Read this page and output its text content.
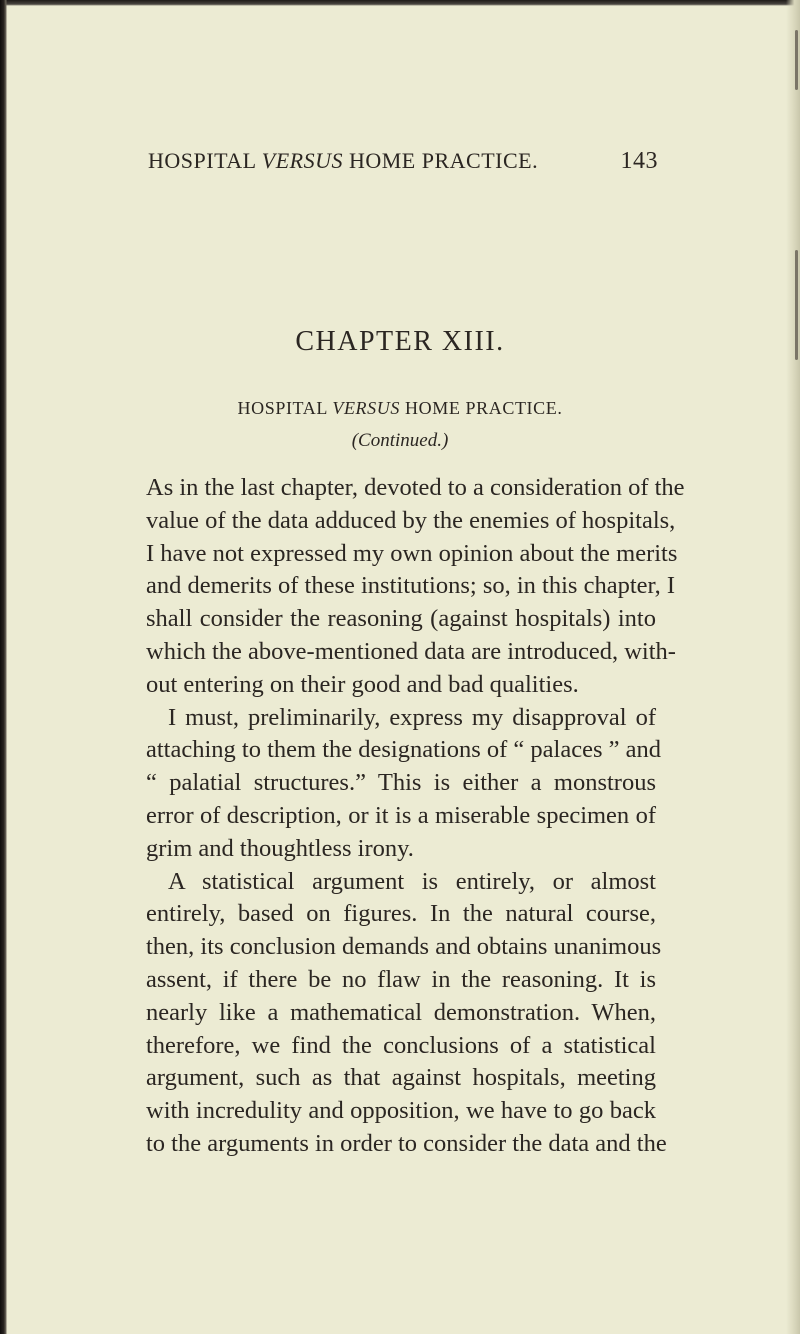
HOSPITAL VERSUS HOME PRACTICE.	143
CHAPTER XIII.
HOSPITAL VERSUS HOME PRACTICE.
(Continued.)
As in the last chapter, devoted to a consideration of the
value of the data adduced by the enemies of hospitals,
I have not expressed my own opinion about the merits
and demerits of these institutions; so, in this chapter, I
shall consider the reasoning (against hospitals) into
which the above-mentioned data are introduced, with-
out entering on their good and bad qualities.
I must, preliminarily, express my disapproval of
attaching to them the designations of “ palaces ” and
“ palatial structures.” This is either a monstrous
error of description, or it is a miserable specimen of
grim and thoughtless irony.
A statistical argument is entirely, or almost
entirely, based on figures. In the natural course,
then, its conclusion demands and obtains unanimous
assent, if there be no flaw in the reasoning. It is
nearly like a mathematical demonstration. When,
therefore, we find the conclusions of a statistical
argument, such as that against hospitals, meeting
with incredulity and opposition, we have to go back
to the arguments in order to consider the data and the
